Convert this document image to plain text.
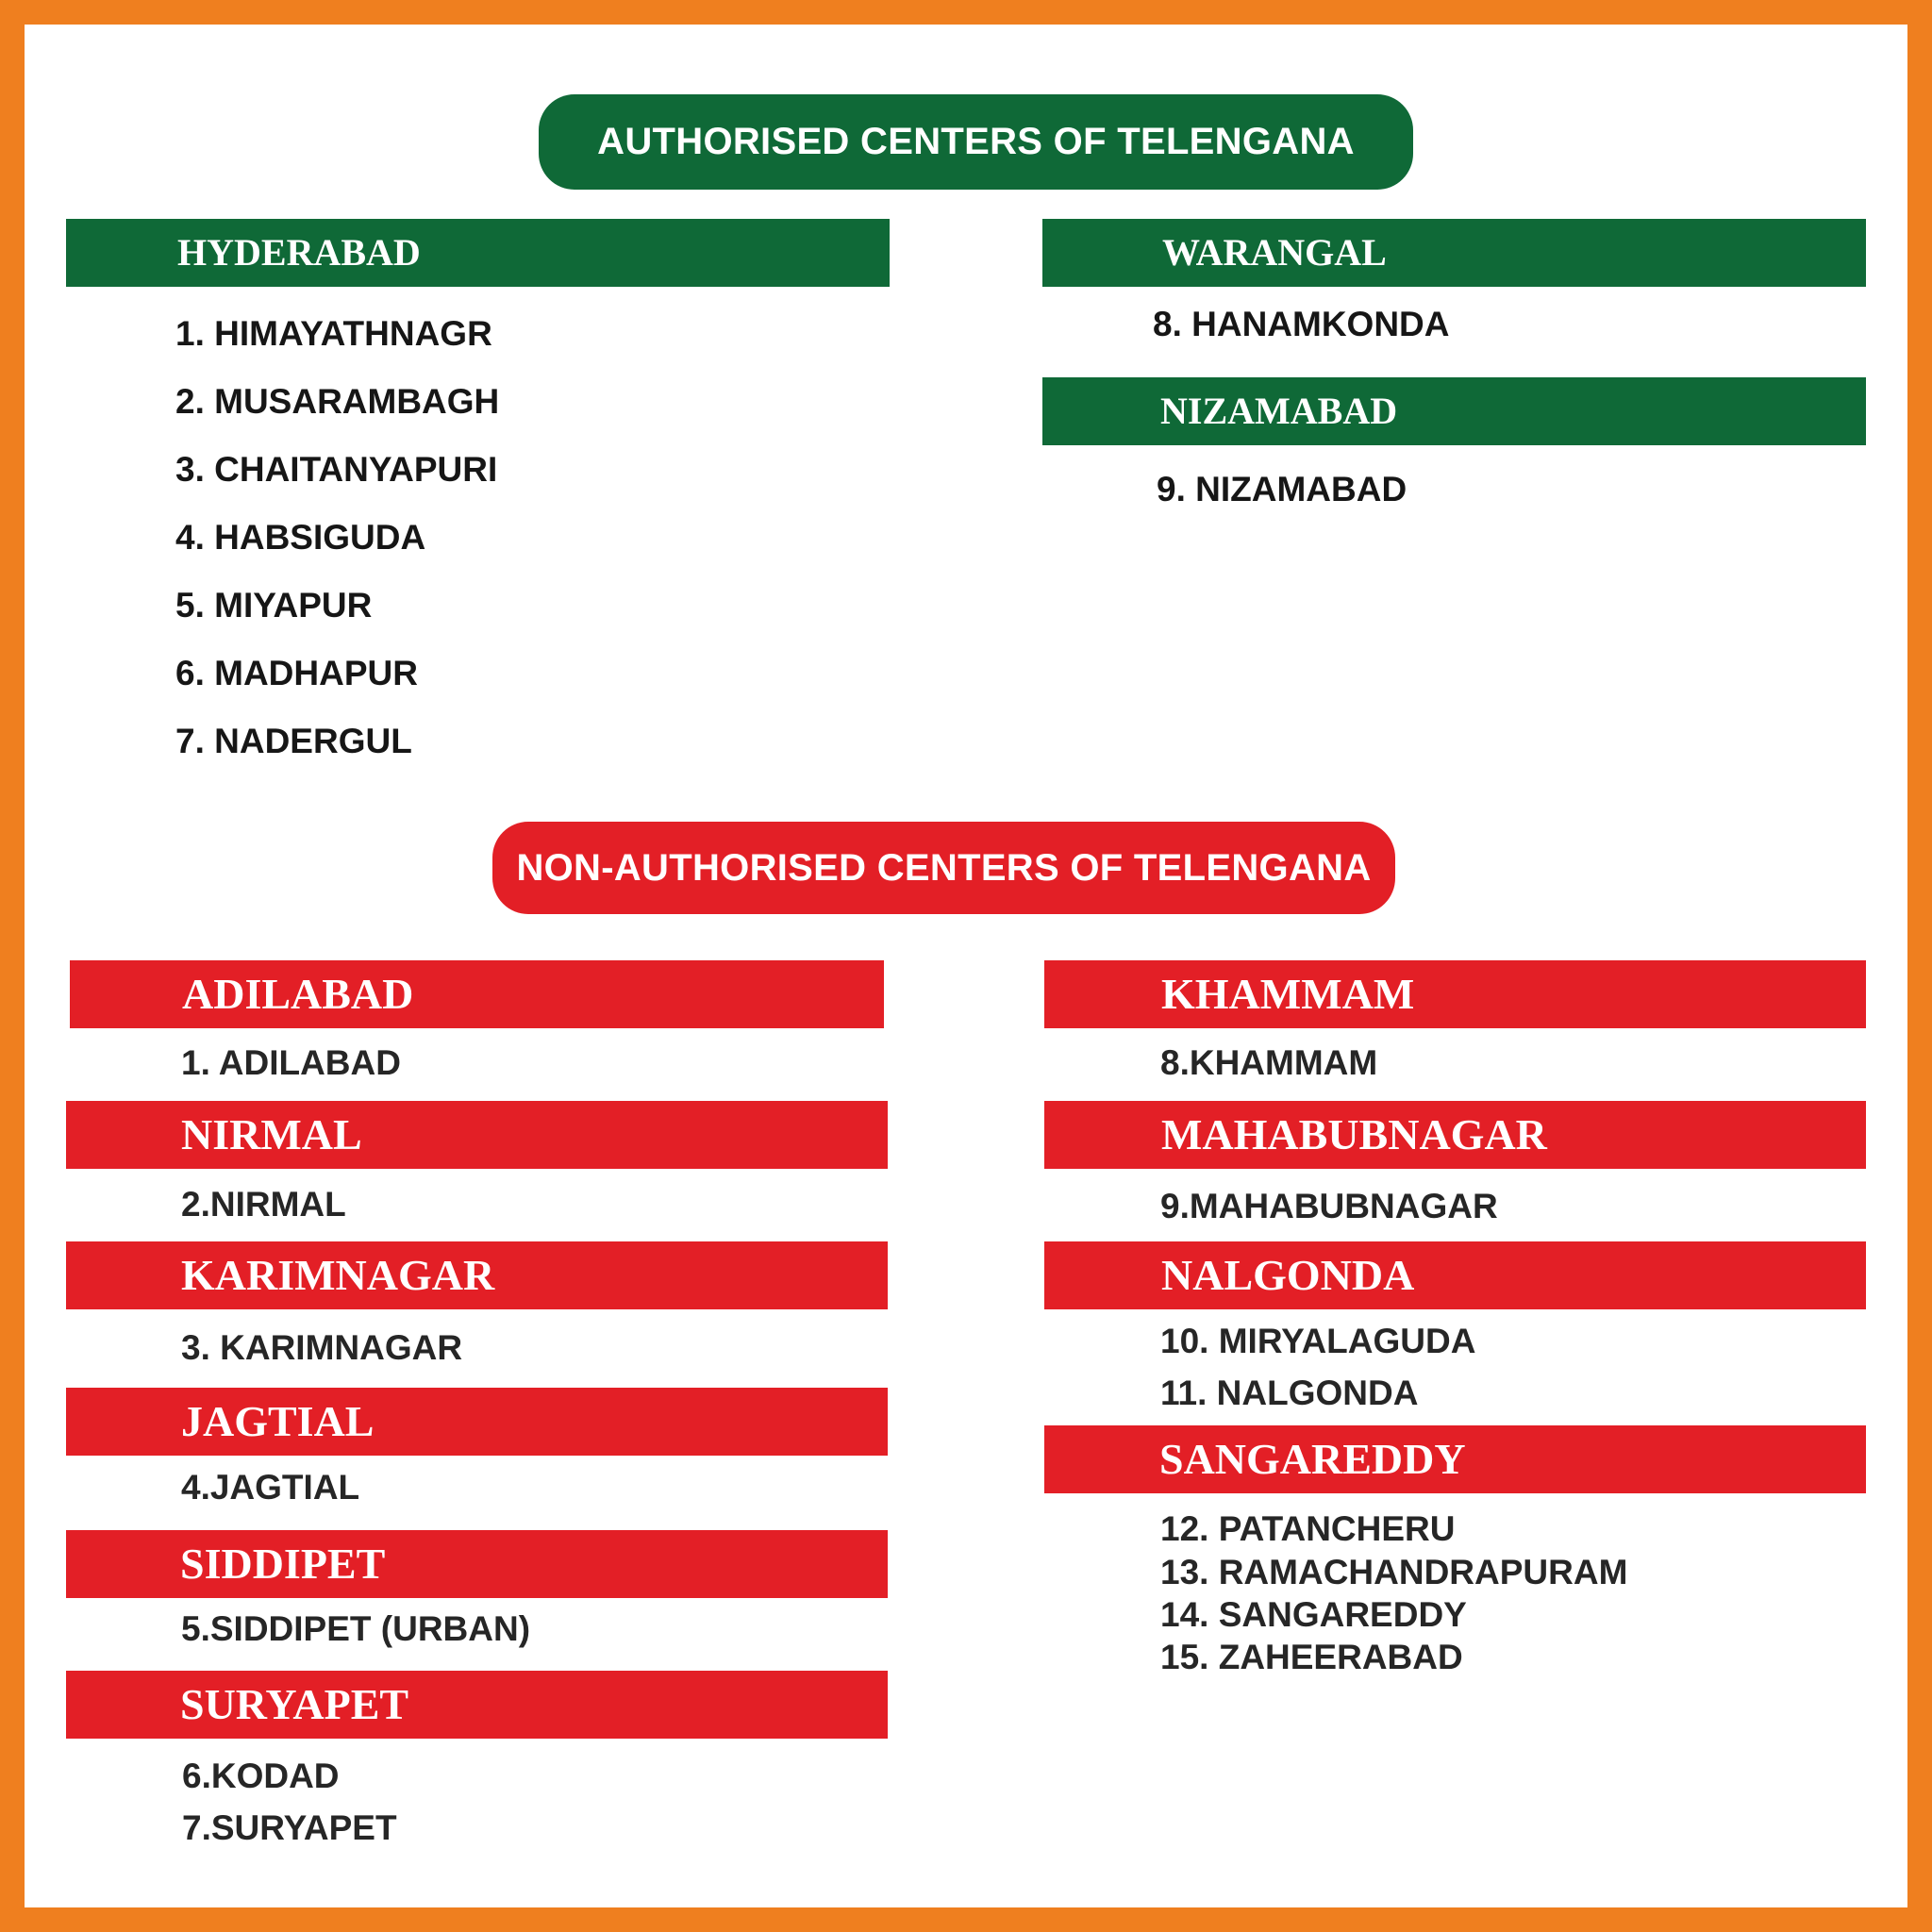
AUTHORISED CENTERS OF TELENGANA
HYDERABAD
1. HIMAYATHNAGR
2. MUSARAMBAGH
3. CHAITANYAPURI
4. HABSIGUDA
5. MIYAPUR
6. MADHAPUR
7. NADERGUL
WARANGAL
8. HANAMKONDA
NIZAMABAD
9. NIZAMABAD
NON-AUTHORISED CENTERS OF TELENGANA
ADILABAD
1. ADILABAD
NIRMAL
2.NIRMAL
KARIMNAGAR
3. KARIMNAGAR
JAGTIAL
4.JAGTIAL
SIDDIPET
5.SIDDIPET (URBAN)
SURYAPET
6.KODAD
7.SURYAPET
KHAMMAM
8.KHAMMAM
MAHABUBNAGAR
9.MAHABUBNAGAR
NALGONDA
10. MIRYALAGUDA
11. NALGONDA
SANGAREDDY
12. PATANCHERU
13. RAMACHANDRAPURAM
14. SANGAREDDY
15. ZAHEERABAD
